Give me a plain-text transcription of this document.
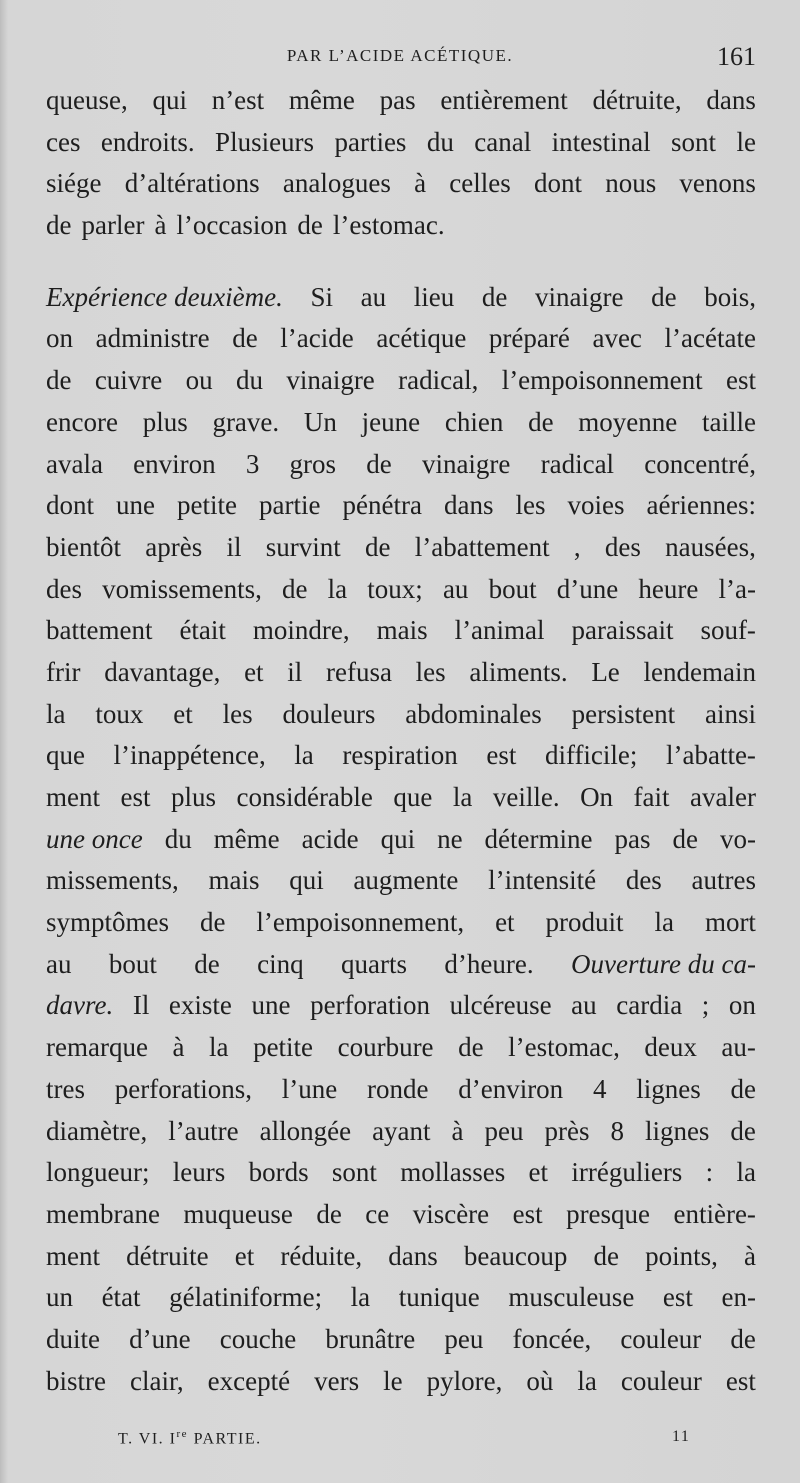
PAR L’ACIDE ACÉTIQUE.	161
queuse, qui n’est même pas entièrement détruite, dans
ces endroits. Plusieurs parties du canal intestinal sont le
siége d’altérations analogues à celles dont nous venons
de parler à l’occasion de l’estomac.
Expérience deuxième. Si au lieu de vinaigre de bois,
on administre de l’acide acétique préparé avec l’acétate
de cuivre ou du vinaigre radical, l’empoisonnement est
encore plus grave. Un jeune chien de moyenne taille
avala environ 3 gros de vinaigre radical concentré,
dont une petite partie pénétra dans les voies aériennes:
bientôt après il survint de l’abattement , des nausées,
des vomissements, de la toux; au bout d’une heure l’a-
battement était moindre, mais l’animal paraissait souf-
frir davantage, et il refusa les aliments. Le lendemain
la toux et les douleurs abdominales persistent ainsi
que l’inappétence, la respiration est difficile; l’abatte-
ment est plus considérable que la veille. On fait avaler
une once du même acide qui ne détermine pas de vo-
missements, mais qui augmente l’intensité des autres
symptômes de l’empoisonnement, et produit la mort
au bout de cinq quarts d’heure. Ouverture du ca-
davre. Il existe une perforation ulcéreuse au cardia ; on
remarque à la petite courbure de l’estomac, deux au-
tres perforations, l’une ronde d’environ 4 lignes de
diamètre, l’autre allongée ayant à peu près 8 lignes de
longueur; leurs bords sont mollasses et irréguliers : la
membrane muqueuse de ce viscère est presque entière-
ment détruite et réduite, dans beaucoup de points, à
un état gélatiniforme; la tunique musculeuse est en-
duite d’une couche brunâtre peu foncée, couleur de
bistre clair, excepté vers le pylore, où la couleur est
T. VI. Ire PARTIE.	11
